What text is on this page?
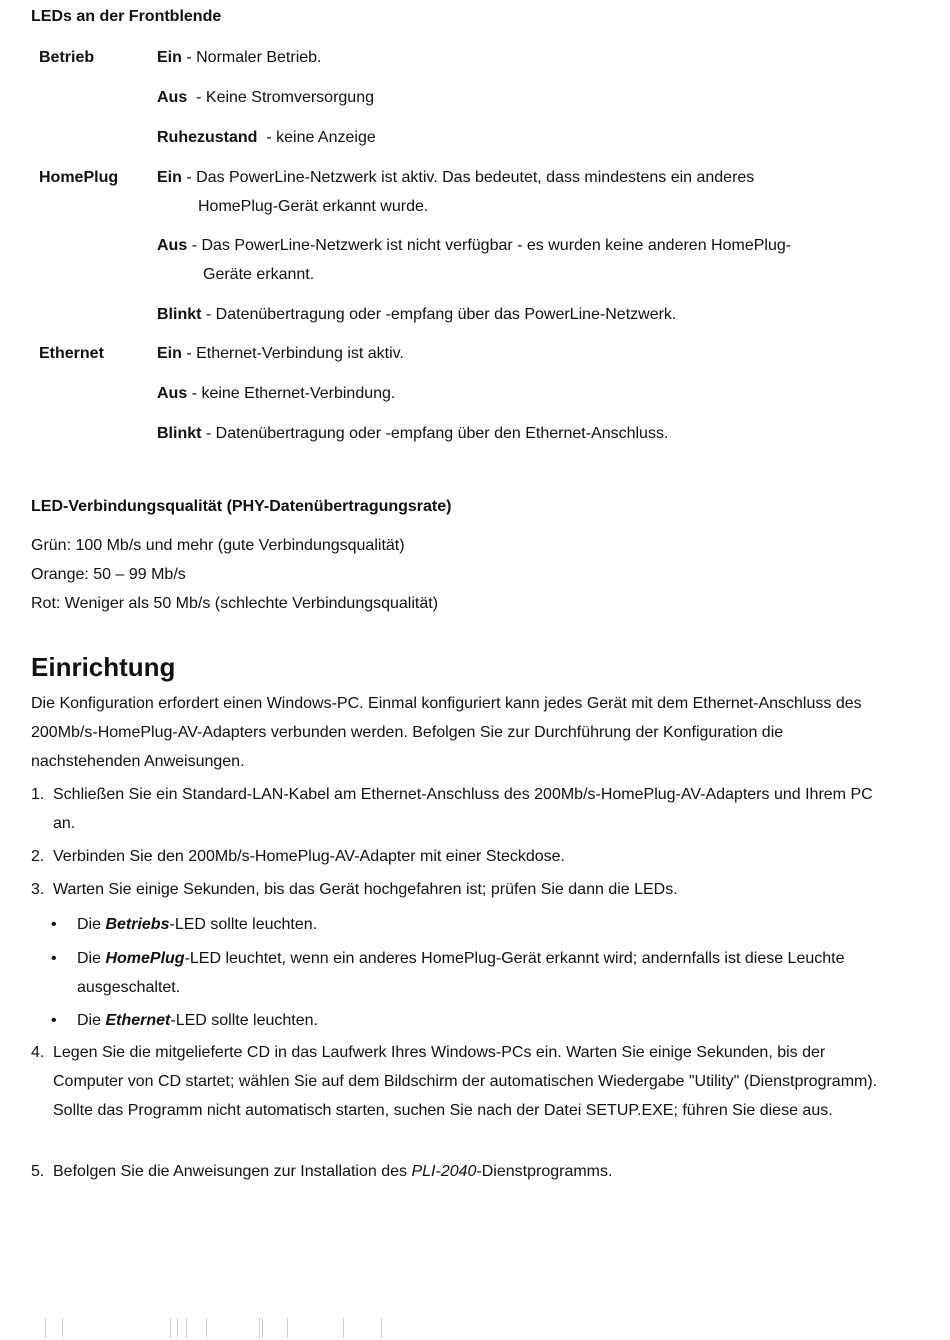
LEDs an der Frontblende
Betrieb	Ein - Normaler Betrieb.
Aus  - Keine Stromversorgung
Ruhezustand  - keine Anzeige
HomePlug Ein - Das PowerLine-Netzwerk ist aktiv. Das bedeutet, dass mindestens ein anderes
HomePlug-Gerät erkannt wurde.
Aus - Das PowerLine-Netzwerk ist nicht verfügbar - es wurden keine anderen HomePlug-
Geräte erkannt.
Blinkt - Datenübertragung oder -empfang über das PowerLine-Netzwerk.
Ethernet	Ein - Ethernet-Verbindung ist aktiv.
Aus - keine Ethernet-Verbindung.
Blinkt - Datenübertragung oder -empfang über den Ethernet-Anschluss.
LED-Verbindungsqualität (PHY-Datenübertragungsrate)
Grün: 100 Mb/s und mehr (gute Verbindungsqualität)
Orange: 50 – 99 Mb/s
Rot: Weniger als 50 Mb/s (schlechte Verbindungsqualität)
Einrichtung
Die Konfiguration erfordert einen Windows-PC. Einmal konfiguriert kann jedes Gerät mit dem Ethernet-Anschluss des 200Mb/s-HomePlug-AV-Adapters verbunden werden. Befolgen Sie zur Durchführung der Konfiguration die nachstehenden Anweisungen.
1. Schließen Sie ein Standard-LAN-Kabel am Ethernet-Anschluss des 200Mb/s-HomePlug-AV-Adapters und Ihrem PC an.
2. Verbinden Sie den 200Mb/s-HomePlug-AV-Adapter mit einer Steckdose.
3. Warten Sie einige Sekunden, bis das Gerät hochgefahren ist; prüfen Sie dann die LEDs.
• Die Betriebs-LED sollte leuchten.
• Die HomePlug-LED leuchtet, wenn ein anderes HomePlug-Gerät erkannt wird; andernfalls ist diese Leuchte ausgeschaltet.
• Die Ethernet-LED sollte leuchten.
4. Legen Sie die mitgelieferte CD in das Laufwerk Ihres Windows-PCs ein. Warten Sie einige Sekunden, bis der Computer von CD startet; wählen Sie auf dem Bildschirm der automatischen Wiedergabe "Utility" (Dienstprogramm). Sollte das Programm nicht automatisch starten, suchen Sie nach der Datei SETUP.EXE; führen Sie diese aus.
5. Befolgen Sie die Anweisungen zur Installation des PLI-2040-Dienstprogramms.
